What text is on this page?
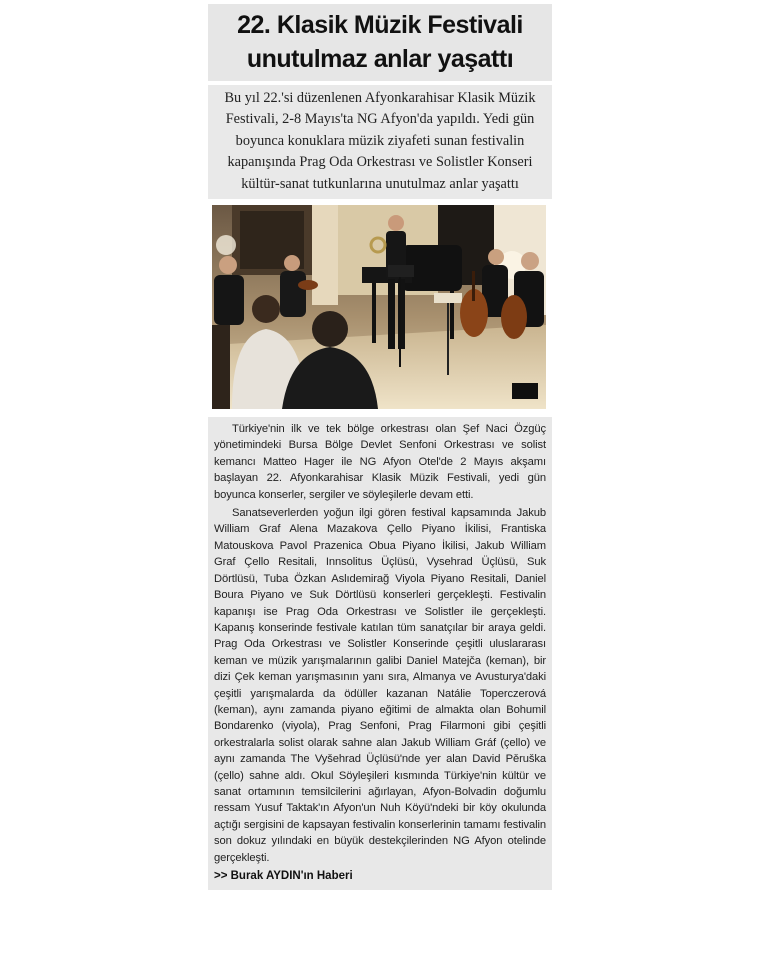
22. Klasik Müzik Festivali unutulmaz anlar yaşattı

Bu yıl 22.'si düzenlenen Afyonkarahisar Klasik Müzik Festivali, 2-8 Mayıs'ta NG Afyon'da yapıldı. Yedi gün boyunca konuklara müzik ziyafeti sunan festivalin kapanışında Prag Oda Orkestrası ve Solistler Konseri kültür-sanat tutkunlarına unutulmaz anlar yaşattı

Türkiye'nin ilk ve tek bölge orkestrası olan Şef Naci Özgüç yönetimindeki Bursa Bölge Devlet Senfoni Orkestrası ve solist kemancı Matteo Hager ile NG Afyon Otel'de 2 Mayıs akşamı başlayan 22. Afyonkarahisar Klasik Müzik Festivali, yedi gün boyunca konserler, sergiler ve söyleşilerle devam etti.

Sanatseverlerden yoğun ilgi gören festival kapsamında Jakub William Graf Alena Mazakova Çello Piyano İkilisi, Frantiska Matouskova Pavol Prazenica Obua Piyano İkilisi, Jakub William Graf Çello Resitali, Innsolitus Üçlüsü, Vysehrad Üçlüsü, Suk Dörtlüsü, Tuba Özkan Aslıdemirağ Viyola Piyano Resitali, Daniel Boura Piyano ve Suk Dörtlüsü konserleri gerçekleşti. Festivalin kapanışı ise Prag Oda Orkestrası ve Solistler ile gerçekleşti. Kapanış konserinde festivale katılan tüm sanatçılar bir araya geldi. Prag Oda Orkestrası ve Solistler Konserinde çeşitli uluslararası keman ve müzik yarışmalarının galibi Daniel Matejča (keman), bir dizi Çek keman yarışmasının yanı sıra, Almanya ve Avusturya'daki çeşitli yarışmalarda da ödüller kazanan Natálie Toperczerová (keman), aynı zamanda piyano eğitimi de almakta olan Bohumil Bondarenko (viyola), Prag Senfoni, Prag Filarmoni gibi çeşitli orkestralarla solist olarak sahne alan Jakub William Gráf (çello) ve aynı zamanda The Vyšehrad Üçlüsü'nde yer alan David Pěruška (çello) sahne aldı. Okul Söyleşileri kısmında Türkiye'nin kültür ve sanat ortamının temsilcilerini ağırlayan, Afyon-Bolvadin doğumlu ressam Yusuf Taktak'ın Afyon'un Nuh Köyü'ndeki bir köy okulunda açtığı sergisini de kapsayan festivalin konserlerinin tamamı festivalin son dokuz yılındaki en büyük destekçilerinden NG Afyon otelinde gerçekleşti.

>> Burak AYDIN'ın Haberi
